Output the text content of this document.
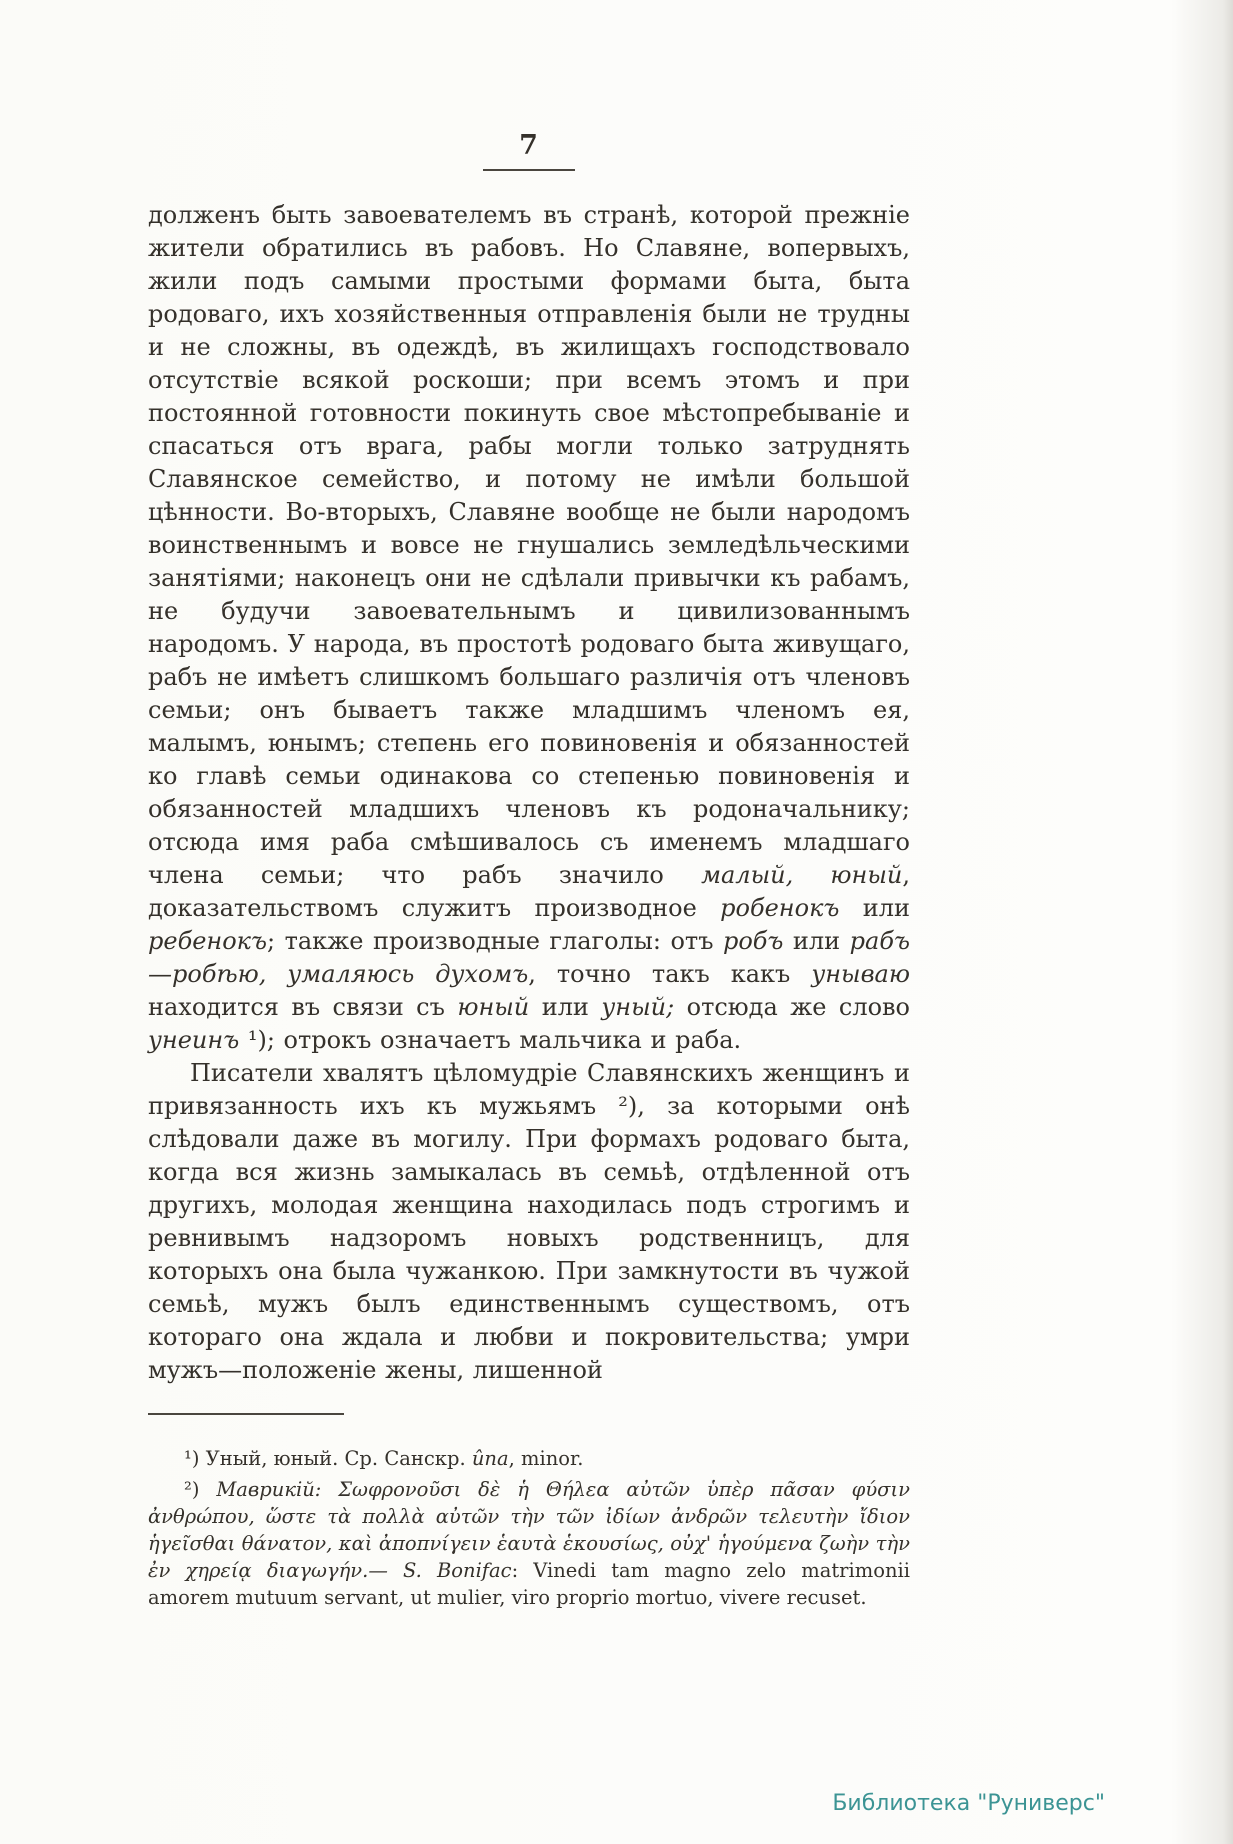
7

долженъ быть завоевателемъ въ странѣ, которой прежніе жители обратились въ рабовъ. Но Славяне, вопервыхъ, жили подъ самыми простыми формами быта, быта родоваго, ихъ хозяйственныя отправленія были не трудны и не сложны, въ одеждѣ, въ жилищахъ господствовало отсутствіе всякой роскоши; при всемъ этомъ и при постоянной готовности покинуть свое мѣстопребываніе и спасаться отъ врага, рабы могли только затруднять Славянское семейство, и потому не имѣли большой цѣнности. Во-вторыхъ, Славяне вообще не были народомъ воинственнымъ и вовсе не гнушались земледѣльческими занятіями; наконецъ они не сдѣлали привычки къ рабамъ, не будучи завоевательнымъ и цивилизованнымъ народомъ. У народа, въ простотѣ родоваго быта живущаго, рабъ не имѣетъ слишкомъ большаго различія отъ членовъ семьи; онъ бываетъ также младшимъ членомъ ея, малымъ, юнымъ; степень его повиновенія и обязанностей ко главѣ семьи одинакова со степенью повиновенія и обязанностей младшихъ членовъ къ родоначальнику; отсюда имя раба смѣшивалось съ именемъ младшаго члена семьи; что рабъ значило малый, юный, доказательствомъ служитъ производное робенокъ или ребенокъ; также производные глаголы: отъ робъ или рабъ—робѣю, умаляюсь духомъ, точно такъ какъ унываю находится въ связи съ юный или уный; отсюда же слово унеинъ ¹); отрокъ означаетъ мальчика и раба.

Писатели хвалятъ цѣломудріе Славянскихъ женщинъ и привязанность ихъ къ мужьямъ ²), за которыми онѣ слѣдовали даже въ могилу. При формахъ родоваго быта, когда вся жизнь замыкалась въ семьѣ, отдѣленной отъ другихъ, молодая женщина находилась подъ строгимъ и ревнивымъ надзоромъ новыхъ родственницъ, для которыхъ она была чужанкою. При замкнутости въ чужой семьѣ, мужъ былъ единственнымъ существомъ, отъ котораго она ждала и любви и покровительства; умри мужъ—положеніе жены, лишенной

¹) Уный, юный. Ср. Санскр. ûna, minor.

²) Маврикій: Σωφρονοῦσι δὲ ἡ Θήλεα αὐτῶν ὑπὲρ πᾶσαν φύσιν ἀνθρώπου, ὥστε τὰ πολλὰ αὐτῶν τὴν τῶν ἰδίων ἀνδρῶν τελευτὴν ἴδιον ἡγεῖσθαι θάνατον, καὶ ἀποπνίγειν ἑαυτὰ ἑκουσίως, οὐχ' ἡγούμενα ζωὴν τὴν ἐν χηρείᾳ διαγωγήν.— S. Bonifac: Vinedi tam magno zelo matrimonii amorem mutuum servant, ut mulier, viro proprio mortuo, vivere recuset.

Библиотека "Руниверс"
